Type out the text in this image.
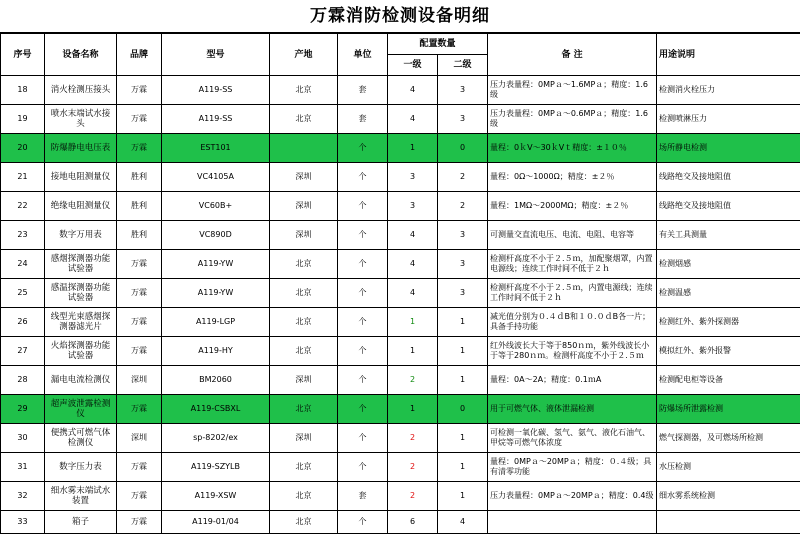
万霖消防检测设备明细
序号	设备名称	品牌	型号	产地	单位	配置数量		备 注	用途说明
						一级	二级		
18	消火栓测压接头	万霖	A119-SS	北京	套	4	3	压力表量程：0MPａ～1.6MPａ；精度：1.6级	检测消火栓压力
19	喷水末端试水接头	万霖	A119-SS	北京	套	4	3	压力表量程：0MPａ～0.6MPａ；精度：1.6级	检测喷淋压力
20	防爆静电电压表	万霖	EST101		个	1	0	量程：0ｋV～30ｋVｔ精度：±１０％	场所静电检测
21	接地电阻测量仪	胜利	VC4105A	深圳	个	3	2	量程：0Ω～1000Ω；精度：±２％	线路绝交及接地阻值
22	绝缘电阻测量仪	胜利	VC60B+	深圳	个	3	2	量程：1MΩ～2000MΩ；精度：±２％	线路绝交及接地阻值
23	数字万用表	胜利	VC890D	深圳	个	4	3	可测量交直流电压、电流、电阻、电容等	有关工具测量
24	感烟探测器功能试验器	万霖	A119-YW	北京	个	4	3	检测杆高度不小于２.５ｍ，加配聚烟罩，内置电源线；连续工作时间不低于２ｈ	检测烟感
25	感温探测器功能试验器	万霖	A119-YW	北京	个	4	3	检测杆高度不小于２.５ｍ，内置电源线；连续工作时间不低于２ｈ	检测温感
26	线型光束感烟探测器滤光片	万霖	A119-LGP	北京	个	1	1	减光值分别为０.４ｄB和１０.０ｄB各一片；具备手持功能	检测红外、紫外探测器
27	火焰探测器功能试验器	万霖	A119-HY	北京	个	1	1	红外线波长大于等于850ｎｍ，紫外线波长小于等于280ｎｍ。检测杆高度不小于２.５ｍ	模拟红外、紫外报警
28	漏电电流检测仪	深圳	BM2060	深圳	个	2	1	量程：0A～2A；精度：0.1ｍA	检测配电柜等设备
29	超声波泄露检测仪	万霖	A119-CSBXL	北京	个	1	0	用于可燃气体、液体泄漏检测	防爆场所泄露检测
30	便携式可燃气体检测仪	深圳	sp-8202/ex	深圳	个	2	1	可检测一氧化碳、氢气、氨气、液化石油气、甲烷等可燃气体浓度	燃气探测器，及可燃场所检测
31	数字压力表	万霖	A119-SZYLB	北京	个	2	1	量程：0MPａ～20MPａ；精度：０.４级；具有清零功能	水压检测
32	细水雾末端试水装置	万霖	A119-XSW	北京	套	2	1	压力表量程：0MPａ～20MPａ；精度：0.4级	细水雾系统检测
33	箱子	万霖	A119-01/04	北京	个	6	4		
